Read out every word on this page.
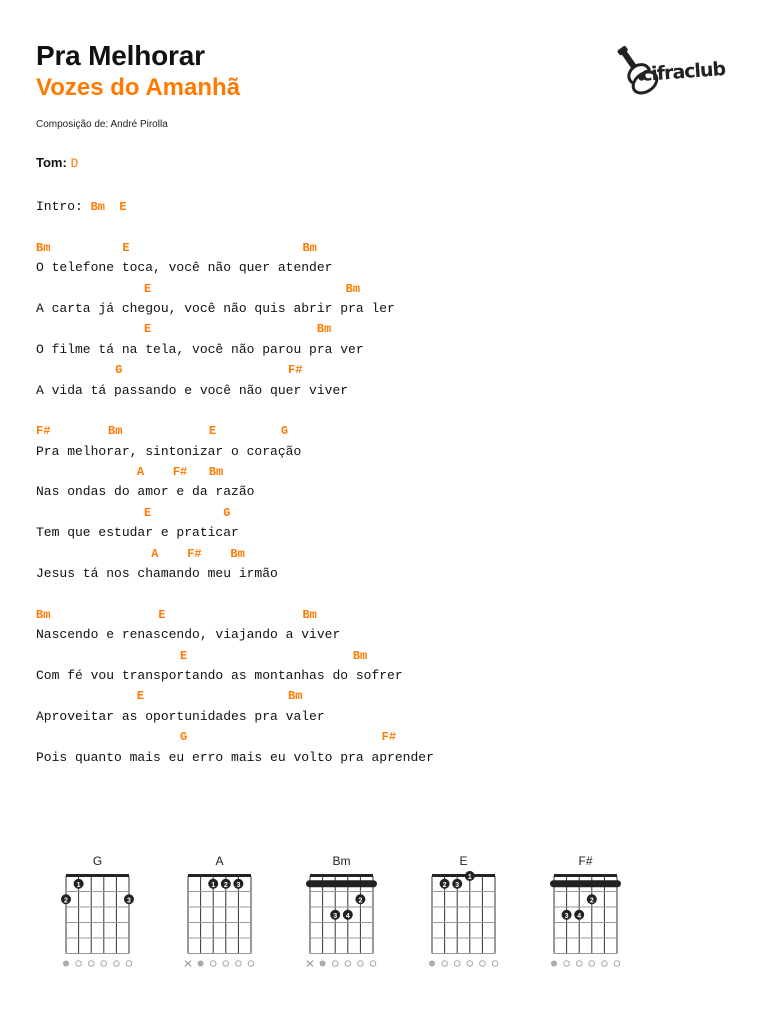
Pra Melhorar
Vozes do Amanhã
Composição de: André Pirolla
cifraclub
Tom: D
Intro: Bm  E
Bm          E                        Bm
O telefone toca, você não quer atender
E                           Bm
A carta já chegou, você não quis abrir pra ler
E                       Bm
O filme tá na tela, você não parou pra ver
G                       F#
A vida tá passando e você não quer viver
F#        Bm            E         G
Pra melhorar, sintonizar o coração
A    F#   Bm
Nas ondas do amor e da razão
E          G
Tem que estudar e praticar
A    F#    Bm
Jesus tá nos chamando meu irmão
Bm               E                   Bm
Nascendo e renascendo, viajando a viver
E                       Bm
Com fé vou transportando as montanhas do sofrer
E                    Bm
Aproveitar as oportunidades pra valer
G                           F#
Pois quanto mais eu erro mais eu volto pra aprender
G
2
1
3
A
1 2 3
Bm
2
3 4
E
1
2 3
F#
2
3 4
